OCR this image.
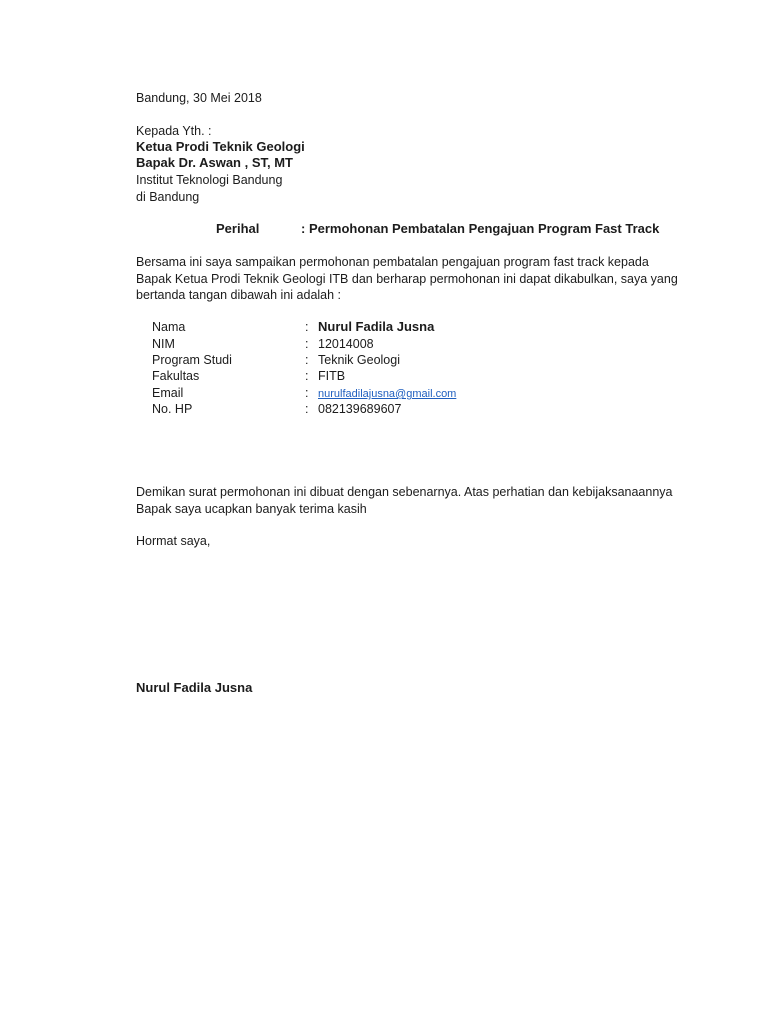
Bandung, 30 Mei 2018
Kepada Yth. :
Ketua Prodi Teknik Geologi
Bapak Dr. Aswan , ST, MT
Institut Teknologi Bandung
di Bandung
Perihal	: Permohonan Pembatalan Pengajuan Program Fast Track
Bersama ini saya sampaikan permohonan pembatalan pengajuan program fast track kepada
Bapak Ketua Prodi Teknik Geologi ITB dan berharap permohonan ini dapat dikabulkan, saya yang
bertanda tangan dibawah ini adalah :
Nama	: Nurul Fadila Jusna
NIM	: 12014008
Program Studi	: Teknik Geologi
Fakultas	: FITB
Email	: nurulfadilajusna@gmail.com
No. HP	: 082139689607
Demikan surat permohonan ini dibuat dengan sebenarnya. Atas perhatian dan kebijaksanaannya
Bapak saya ucapkan banyak terima kasih
Hormat saya,
Nurul Fadila Jusna
